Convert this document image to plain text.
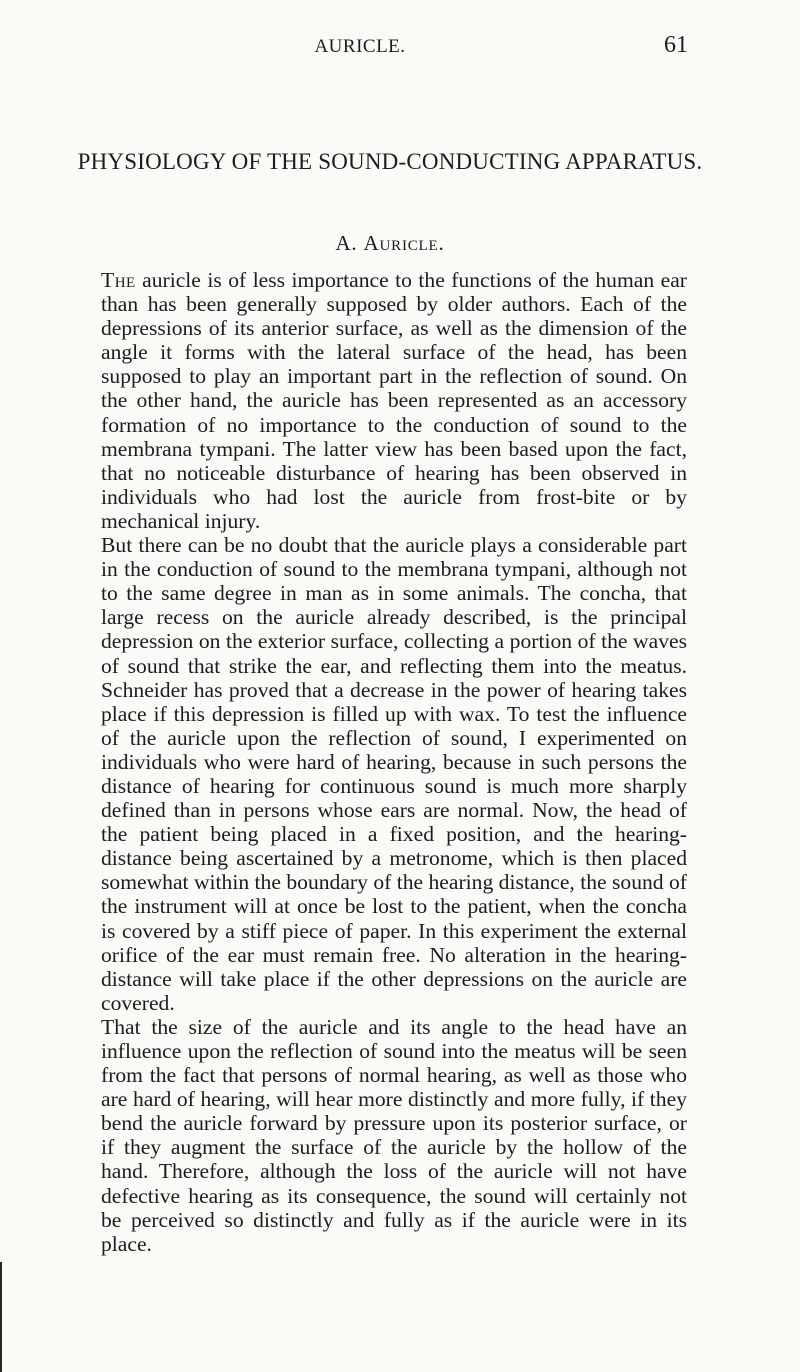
AURICLE.	61
PHYSIOLOGY OF THE SOUND-CONDUCTING APPARATUS.
A. Auricle.

The auricle is of less importance to the functions of the human ear than has been generally supposed by older authors. Each of the depressions of its anterior surface, as well as the dimension of the angle it forms with the lateral surface of the head, has been supposed to play an important part in the reflection of sound. On the other hand, the auricle has been represented as an accessory formation of no importance to the conduction of sound to the membrana tympani. The latter view has been based upon the fact, that no noticeable disturbance of hearing has been observed in individuals who had lost the auricle from frost-bite or by mechanical injury.

But there can be no doubt that the auricle plays a considerable part in the conduction of sound to the membrana tympani, although not to the same degree in man as in some animals. The concha, that large recess on the auricle already described, is the principal depression on the exterior surface, collecting a portion of the waves of sound that strike the ear, and reflecting them into the meatus. Schneider has proved that a decrease in the power of hearing takes place if this depression is filled up with wax. To test the influence of the auricle upon the reflection of sound, I experimented on individuals who were hard of hearing, because in such persons the distance of hearing for continuous sound is much more sharply defined than in persons whose ears are normal. Now, the head of the patient being placed in a fixed position, and the hearing-distance being ascertained by a metronome, which is then placed somewhat within the boundary of the hearing distance, the sound of the instrument will at once be lost to the patient, when the concha is covered by a stiff piece of paper. In this experiment the external orifice of the ear must remain free. No alteration in the hearing-distance will take place if the other depressions on the auricle are covered.

That the size of the auricle and its angle to the head have an influence upon the reflection of sound into the meatus will be seen from the fact that persons of normal hearing, as well as those who are hard of hearing, will hear more distinctly and more fully, if they bend the auricle forward by pressure upon its posterior surface, or if they augment the surface of the auricle by the hollow of the hand. Therefore, although the loss of the auricle will not have defective hearing as its consequence, the sound will certainly not be perceived so distinctly and fully as if the auricle were in its place.
